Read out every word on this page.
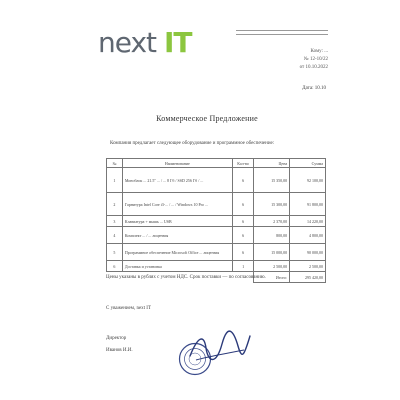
next IT	Кому: ...
№ 12-10/22
от 10.10.2022
Дата: 10.10
Коммерческое Предложение
Компания предлагает следующее оборудование и программное обеспечение:
№	Наименование	Кол-во	Цена	Сумма
1	Моноблок ... 21.5" ... / ... 8 Гб / SSD 256 Гб / ...	6	15 350,00	92 100,00
2	Гарнитура Intel Core i3-... / ... / Windows 10 Pro ...	6	15 300,00	91 800,00
3	Клавиатура + мышь ... USB	6	2 370,00	14 220,00
4	Комплект ... / ... лицензия	6	800,00	4 800,00
5	Программное обеспечение Microsoft Office ... лицензия	6	15 000,00	90 000,00
6	Доставка и установка	1	2 500,00	2 500,00
			Итого:	295 420,00
Цены указаны в рублях с учетом НДС. Срок поставки — по согласованию.
С уважением, next IT
Директор
Иванов И.И.
